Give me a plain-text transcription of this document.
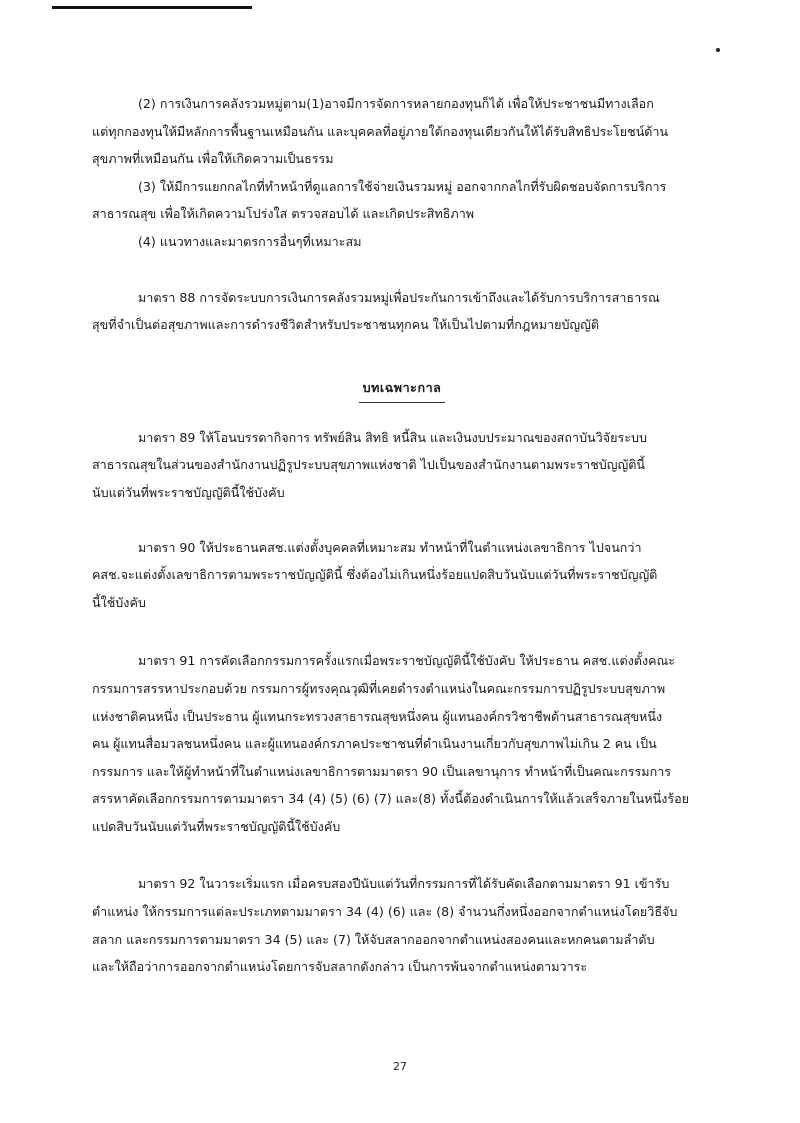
(2) การเงินการคลังรวมหมู่ตาม(1)อาจมีการจัดการหลายกองทุนก็ได้ เพื่อให้ประชาชนมีทางเลือก
แต่ทุกกองทุนให้มีหลักการพื้นฐานเหมือนกัน และบุคคลที่อยู่ภายใต้กองทุนเดียวกันให้ได้รับสิทธิประโยชน์ด้าน
สุขภาพที่เหมือนกัน เพื่อให้เกิดความเป็นธรรม

(3) ให้มีการแยกกลไกที่ทำหน้าที่ดูแลการใช้จ่ายเงินรวมหมู่ ออกจากกลไกที่รับผิดชอบจัดการบริการ
สาธารณสุข เพื่อให้เกิดความโปร่งใส ตรวจสอบได้ และเกิดประสิทธิภาพ

(4) แนวทางและมาตรการอื่นๆที่เหมาะสม

มาตรา 88 การจัดระบบการเงินการคลังรวมหมู่เพื่อประกันการเข้าถึงและได้รับการบริการสาธารณ
สุขที่จำเป็นต่อสุขภาพและการดำรงชีวิตสำหรับประชาชนทุกคน ให้เป็นไปตามที่กฎหมายบัญญัติ

บทเฉพาะกาล

มาตรา 89 ให้โอนบรรดากิจการ ทรัพย์สิน สิทธิ หนี้สิน และเงินงบประมาณของสถาบันวิจัยระบบ
สาธารณสุขในส่วนของสำนักงานปฏิรูประบบสุขภาพแห่งชาติ ไปเป็นของสำนักงานตามพระราชบัญญัตินี้
นับแต่วันที่พระราชบัญญัตินี้ใช้บังคับ

มาตรา 90 ให้ประธานคสช.แต่งตั้งบุคคลที่เหมาะสม ทำหน้าที่ในตำแหน่งเลขาธิการ ไปจนกว่า
คสช.จะแต่งตั้งเลขาธิการตามพระราชบัญญัตินี้ ซึ่งต้องไม่เกินหนึ่งร้อยแปดสิบวันนับแต่วันที่พระราชบัญญัติ
นี้ใช้บังคับ

มาตรา 91 การคัดเลือกกรรมการครั้งแรกเมื่อพระราชบัญญัตินี้ใช้บังคับ ให้ประธาน คสช.แต่งตั้งคณะ
กรรมการสรรหาประกอบด้วย กรรมการผู้ทรงคุณวุฒิที่เคยดำรงตำแหน่งในคณะกรรมการปฏิรูประบบสุขภาพ
แห่งชาติคนหนึ่ง เป็นประธาน ผู้แทนกระทรวงสาธารณสุขหนึ่งคน ผู้แทนองค์กรวิชาชีพด้านสาธารณสุขหนึ่ง
คน ผู้แทนสื่อมวลชนหนึ่งคน และผู้แทนองค์กรภาคประชาชนที่ดำเนินงานเกี่ยวกับสุขภาพไม่เกิน 2 คน เป็น
กรรมการ และให้ผู้ทำหน้าที่ในตำแหน่งเลขาธิการตามมาตรา 90 เป็นเลขานุการ ทำหน้าที่เป็นคณะกรรมการ
สรรหาคัดเลือกกรรมการตามมาตรา 34 (4) (5) (6) (7) และ(8) ทั้งนี้ต้องดำเนินการให้แล้วเสร็จภายในหนึ่งร้อย
แปดสิบวันนับแต่วันที่พระราชบัญญัตินี้ใช้บังคับ

มาตรา 92 ในวาระเริ่มแรก เมื่อครบสองปีนับแต่วันที่กรรมการที่ได้รับคัดเลือกตามมาตรา 91 เข้ารับ
ตำแหน่ง ให้กรรมการแต่ละประเภทตามมาตรา 34 (4) (6) และ (8) จำนวนกึ่งหนึ่งออกจากตำแหน่งโดยวิธีจับ
สลาก และกรรมการตามมาตรา 34 (5) และ (7) ให้จับสลากออกจากตำแหน่งสองคนและหกคนตามลำดับ
และให้ถือว่าการออกจากตำแหน่งโดยการจับสลากดังกล่าว เป็นการพ้นจากตำแหน่งตามวาระ

27
